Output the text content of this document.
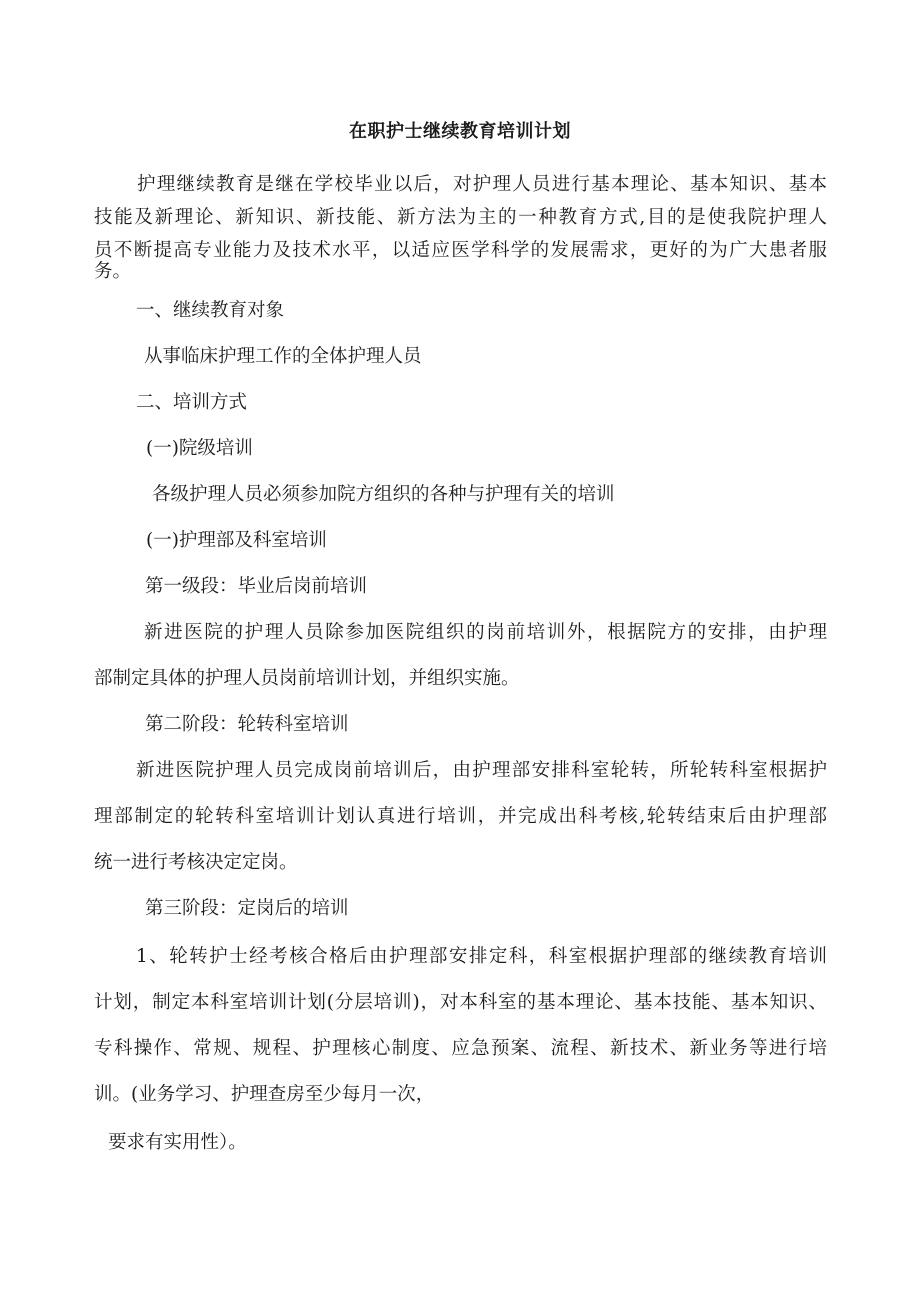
在职护士继续教育培训计划
护理继续教育是继在学校毕业以后，对护理人员进行基本理论、基本知识、基本
技能及新理论、新知识、新技能、新方法为主的一种教育方式,目的是使我院护理人
员不断提高专业能力及技术水平，以适应医学科学的发展需求，更好的为广大患者服
务。
一、继续教育对象
从事临床护理工作的全体护理人员
二、培训方式
(一)院级培训
各级护理人员必须参加院方组织的各种与护理有关的培训
(一)护理部及科室培训
第一级段：毕业后岗前培训
新进医院的护理人员除参加医院组织的岗前培训外，根据院方的安排，由护理
部制定具体的护理人员岗前培训计划，并组织实施。
第二阶段：轮转科室培训
新进医院护理人员完成岗前培训后，由护理部安排科室轮转，所轮转科室根据护
理部制定的轮转科室培训计划认真进行培训，并完成出科考核,轮转结束后由护理部
统一进行考核决定定岗。
第三阶段：定岗后的培训
1、轮转护士经考核合格后由护理部安排定科，科室根据护理部的继续教育培训
计划，制定本科室培训计划(分层培训)，对本科室的基本理论、基本技能、基本知识、
专科操作、常规、规程、护理核心制度、应急预案、流程、新技术、新业务等进行培
训。(业务学习、护理查房至少每月一次，
要求有实用性）。
